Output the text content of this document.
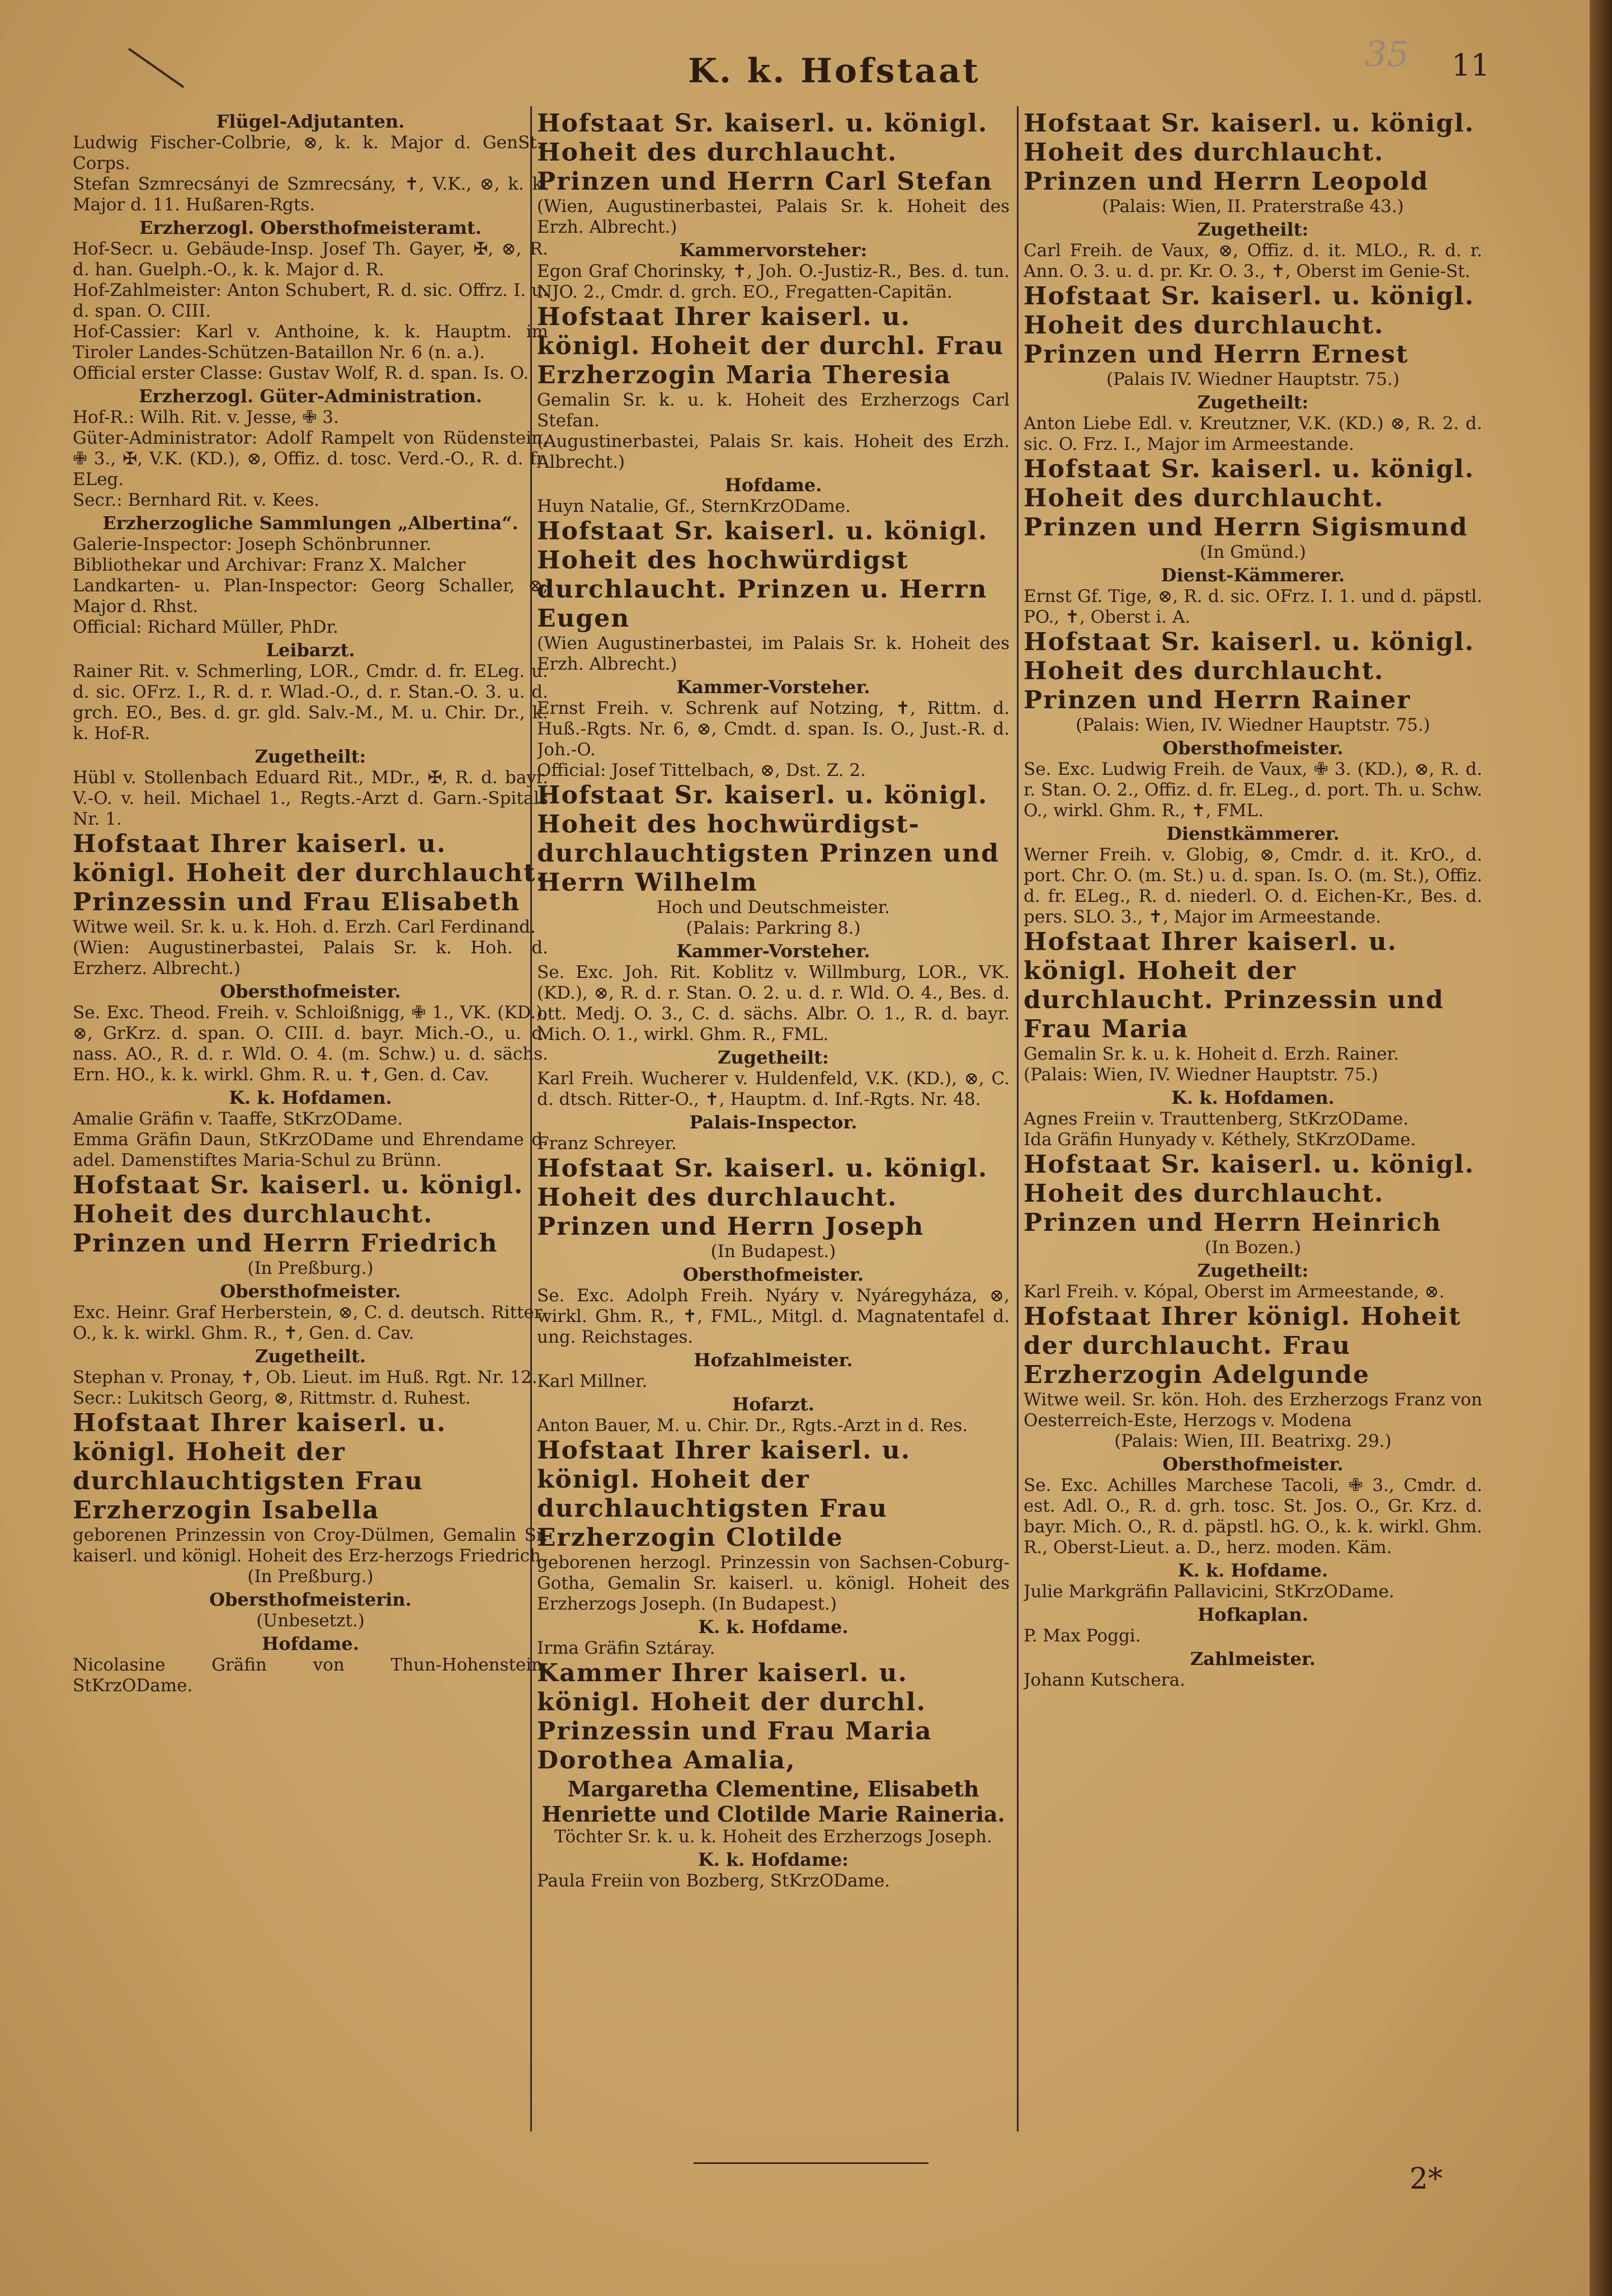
K. k. Hofstaat	35 11
Flügel-Adjutanten.

Ludwig Fischer-Colbrie, ⊗, k. k. Major d. GenSt.-Corps.

Stefan Szmrecsányi de Szmrecsány, ✝, V.K., ⊗, k. k. Major d. 11. Hußaren-Rgts.

Erzherzogl. Obersthofmeisteramt.

Hof-Secr. u. Gebäude-Insp. Josef Th. Gayer, ✠, ⊗, R. d. han. Guelph.-O., k. k. Major d. R.

Hof-Zahlmeister: Anton Schubert, R. d. sic. Offrz. I. u. d. span. O. CIII.

Hof-Cassier: Karl v. Anthoine, k. k. Hauptm. im Tiroler Landes-Schützen-Bataillon Nr. 6 (n. a.).

Official erster Classe: Gustav Wolf, R. d. span. Is. O.

Erzherzogl. Güter-Administration.

Hof-R.: Wilh. Rit. v. Jesse, ✙ 3.

Güter-Administrator: Adolf Rampelt von Rüdenstein, ✙ 3., ✠, V.K. (KD.), ⊗, Offiz. d. tosc. Verd.-O., R. d. fr. ELeg.

Secr.: Bernhard Rit. v. Kees.

Erzherzogliche Sammlungen „Albertina“.

Galerie-Inspector: Joseph Schönbrunner.

Bibliothekar und Archivar: Franz X. Malcher

Landkarten- u. Plan-Inspector: Georg Schaller, ⊗, Major d. Rhst.

Official: Richard Müller, PhDr.

Leibarzt.

Rainer Rit. v. Schmerling, LOR., Cmdr. d. fr. ELeg. u. d. sic. OFrz. I., R. d. r. Wlad.-O., d. r. Stan.-O. 3. u. d. grch. EO., Bes. d. gr. gld. Salv.-M., M. u. Chir. Dr., k. k. Hof-R.

Zugetheilt:

Hübl v. Stollenbach Eduard Rit., MDr., ✠, R. d. bayr. V.-O. v. heil. Michael 1., Regts.-Arzt d. Garn.-Spitals Nr. 1.

Hofstaat Ihrer kaiserl. u. königl. Hoheit der durchlaucht. Prinzessin und Frau Elisabeth

Witwe weil. Sr. k. u. k. Hoh. d. Erzh. Carl Ferdinand.

(Wien: Augustinerbastei, Palais Sr. k. Hoh. d. Erzherz. Albrecht.)

Obersthofmeister.

Se. Exc. Theod. Freih. v. Schloißnigg, ✙ 1., VK. (KD.), ⊗, GrKrz. d. span. O. CIII. d. bayr. Mich.-O., u. d. nass. AO., R. d. r. Wld. O. 4. (m. Schw.) u. d. sächs. Ern. HO., k. k. wirkl. Ghm. R. u. ✝, Gen. d. Cav.

K. k. Hofdamen.

Amalie Gräfin v. Taaffe, StKrzODame.

Emma Gräfin Daun, StKrzODame und Ehrendame d. adel. Damenstiftes Maria-Schul zu Brünn.

Hofstaat Sr. kaiserl. u. königl. Hoheit des durchlaucht. Prinzen und Herrn Friedrich
(In Preßburg.)
Obersthofmeister.

Exc. Heinr. Graf Herberstein, ⊗, C. d. deutsch. Ritter-O., k. k. wirkl. Ghm. R., ✝, Gen. d. Cav.

Zugetheilt.

Stephan v. Pronay, ✝, Ob. Lieut. im Huß. Rgt. Nr. 12.

Secr.: Lukitsch Georg, ⊗, Rittmstr. d. Ruhest.

Hofstaat Ihrer kaiserl. u. königl. Hoheit der durchlauchtigsten Frau Erzherzogin Isabella

geborenen Prinzessin von Croy-Dülmen, Gemalin Sr. kaiserl. und königl. Hoheit des Erz-herzogs Friedrich.

(In Preßburg.)
Obersthofmeisterin.
(Unbesetzt.)
Hofdame.

Nicolasine Gräfin von Thun-Hohenstein, StKrzODame.

Hofstaat Sr. kaiserl. u. königl. Hoheit des durchlaucht. Prinzen und Herrn Carl Stefan

(Wien, Augustinerbastei, Palais Sr. k. Hoheit des Erzh. Albrecht.)

Kammervorsteher:

Egon Graf Chorinsky, ✝, Joh. O.-Justiz-R., Bes. d. tun. NJO. 2., Cmdr. d. grch. EO., Fregatten-Capitän.

Hofstaat Ihrer kaiserl. u. königl. Hoheit der durchl. Frau Erzherzogin Maria Theresia

Gemalin Sr. k. u. k. Hoheit des Erzherzogs Carl Stefan.

(Augustinerbastei, Palais Sr. kais. Hoheit des Erzh. Albrecht.)

Hofdame.

Huyn Natalie, Gf., SternKrzODame.

Hofstaat Sr. kaiserl. u. königl. Hoheit des hochwürdigst durchlaucht. Prinzen u. Herrn Eugen

(Wien Augustinerbastei, im Palais Sr. k. Hoheit des Erzh. Albrecht.)

Kammer-Vorsteher.

Ernst Freih. v. Schrenk auf Notzing, ✝, Rittm. d. Huß.-Rgts. Nr. 6, ⊗, Cmdt. d. span. Is. O., Just.-R. d. Joh.-O.

Official: Josef Tittelbach, ⊗, Dst. Z. 2.

Hofstaat Sr. kaiserl. u. königl. Hoheit des hochwürdigst-durchlauchtigsten Prinzen und Herrn Wilhelm

Hoch und Deutschmeister.

(Palais: Parkring 8.)
Kammer-Vorsteher.

Se. Exc. Joh. Rit. Koblitz v. Willmburg, LOR., VK. (KD.), ⊗, R. d. r. Stan. O. 2. u. d. r. Wld. O. 4., Bes. d. ott. Medj. O. 3., C. d. sächs. Albr. O. 1., R. d. bayr. Mich. O. 1., wirkl. Ghm. R., FML.

Zugetheilt:

Karl Freih. Wucherer v. Huldenfeld, V.K. (KD.), ⊗, C. d. dtsch. Ritter-O., ✝, Hauptm. d. Inf.-Rgts. Nr. 48.

Palais-Inspector.

Franz Schreyer.

Hofstaat Sr. kaiserl. u. königl. Hoheit des durchlaucht. Prinzen und Herrn Joseph
(In Budapest.)
Obersthofmeister.

Se. Exc. Adolph Freih. Nyáry v. Nyáregyháza, ⊗, wirkl. Ghm. R., ✝, FML., Mitgl. d. Magnatentafel d. ung. Reichstages.

Hofzahlmeister.

Karl Millner.

Hofarzt.

Anton Bauer, M. u. Chir. Dr., Rgts.-Arzt in d. Res.

Hofstaat Ihrer kaiserl. u. königl. Hoheit der durchlauchtigsten Frau Erzherzogin Clotilde

geborenen herzogl. Prinzessin von Sachsen-Coburg-Gotha, Gemalin Sr. kaiserl. u. königl. Hoheit des Erzherzogs Joseph. (In Budapest.)

K. k. Hofdame.

Irma Gräfin Sztáray.

Kammer Ihrer kaiserl. u. königl. Hoheit der durchl. Prinzessin und Frau Maria Dorothea Amalia,
Margaretha Clementine, Elisabeth Henriette und Clotilde Marie Raineria.

Töchter Sr. k. u. k. Hoheit des Erzherzogs Joseph.

K. k. Hofdame:

Paula Freiin von Bozberg, StKrzODame.

Hofstaat Sr. kaiserl. u. königl. Hoheit des durchlaucht. Prinzen und Herrn Leopold
(Palais: Wien, II. Praterstraße 43.)
Zugetheilt:

Carl Freih. de Vaux, ⊗, Offiz. d. it. MLO., R. d. r. Ann. O. 3. u. d. pr. Kr. O. 3., ✝, Oberst im Genie-St.

Hofstaat Sr. kaiserl. u. königl. Hoheit des durchlaucht. Prinzen und Herrn Ernest
(Palais IV. Wiedner Hauptstr. 75.)
Zugetheilt:

Anton Liebe Edl. v. Kreutzner, V.K. (KD.) ⊗, R. 2. d. sic. O. Frz. I., Major im Armeestande.

Hofstaat Sr. kaiserl. u. königl. Hoheit des durchlaucht. Prinzen und Herrn Sigismund
(In Gmünd.)
Dienst-Kämmerer.

Ernst Gf. Tige, ⊗, R. d. sic. OFrz. I. 1. und d. päpstl. PO., ✝, Oberst i. A.

Hofstaat Sr. kaiserl. u. königl. Hoheit des durchlaucht. Prinzen und Herrn Rainer
(Palais: Wien, IV. Wiedner Hauptstr. 75.)
Obersthofmeister.

Se. Exc. Ludwig Freih. de Vaux, ✙ 3. (KD.), ⊗, R. d. r. Stan. O. 2., Offiz. d. fr. ELeg., d. port. Th. u. Schw. O., wirkl. Ghm. R., ✝, FML.

Dienstkämmerer.

Werner Freih. v. Globig, ⊗, Cmdr. d. it. KrO., d. port. Chr. O. (m. St.) u. d. span. Is. O. (m. St.), Offiz. d. fr. ELeg., R. d. niederl. O. d. Eichen-Kr., Bes. d. pers. SLO. 3., ✝, Major im Armeestande.

Hofstaat Ihrer kaiserl. u. königl. Hoheit der durchlaucht. Prinzessin und Frau Maria

Gemalin Sr. k. u. k. Hoheit d. Erzh. Rainer.

(Palais: Wien, IV. Wiedner Hauptstr. 75.)

K. k. Hofdamen.

Agnes Freiin v. Trauttenberg, StKrzODame.

Ida Gräfin Hunyady v. Kéthely, StKrzODame.

Hofstaat Sr. kaiserl. u. königl. Hoheit des durchlaucht. Prinzen und Herrn Heinrich
(In Bozen.)
Zugetheilt:

Karl Freih. v. Kópal, Oberst im Armeestande, ⊗.

Hofstaat Ihrer königl. Hoheit der durchlaucht. Frau Erzherzogin Adelgunde

Witwe weil. Sr. kön. Hoh. des Erzherzogs Franz von Oesterreich-Este, Herzogs v. Modena

(Palais: Wien, III. Beatrixg. 29.)
Obersthofmeister.

Se. Exc. Achilles Marchese Tacoli, ✙ 3., Cmdr. d. est. Adl. O., R. d. grh. tosc. St. Jos. O., Gr. Krz. d. bayr. Mich. O., R. d. päpstl. hG. O., k. k. wirkl. Ghm. R., Oberst-Lieut. a. D., herz. moden. Käm.

K. k. Hofdame.

Julie Markgräfin Pallavicini, StKrzODame.

Hofkaplan.

P. Max Poggi.

Zahlmeister.

Johann Kutschera.

2*
